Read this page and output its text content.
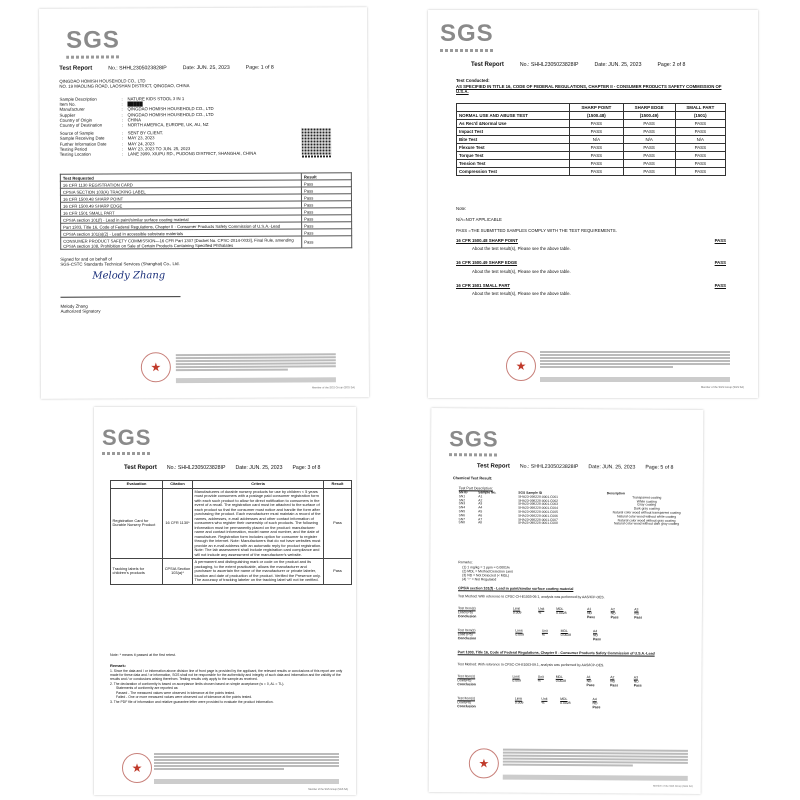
SGS
Test Report	No.: SHHL2305023828IP	Date: JUN. 25, 2023	Page: 1 of 8
QINGDAO HOMISH HOUSEHOLD CO., LTD
NO. 19 MAOLING ROAD, LAOSHAN DISTRICT, QINGDAO, CHINA
Sample Description	:	NATURE KIDS STOOL 3 IN 1
Item No.	:	█████
Manufacturer	:	QINGDAO HOMISH HOUSEHOLD CO., LTD
Supplier	:	QINGDAO HOMISH HOUSEHOLD CO., LTD
Country of Origin	:	CHINA
Country of Destination	:	NORTH AMERICA, EUROPE, UK, AU, NZ
Source of Sample	:	SENT BY CLIENT.
Sample Receiving Date	:	MAY 23, 2023
Further Information Date	:	MAY 24, 2023
Testing Period	:	MAY 23, 2023 TO JUN. 25, 2023
Testing Location	:	LANE 3999, XIUPU RD., PUDONG DISTRICT, SHANGHAI, CHINA
Test Requested	Result
16 CFR 1130 REGISTRATION CARD	Pass
CPSIA SECTION 103(A) TRACKING LABEL	Pass
16 CFR 1500.48 SHARP POINT	Pass
16 CFR 1500.49 SHARP EDGE	Pass
16 CFR 1501 SMALL PART	Pass
CPSIA section 101(f) - Lead in paint/similar surface coating material	Pass
Part 1303, Title 16, Code of Federal Regulations, Chapter II - Consumer Products Safety Commission of U.S.A.-Lead	Pass
CPSIA section 101(a)(2) - Lead in accessible substrate materials	Pass
CONSUMER PRODUCT SAFETY COMMISSION—16 CFR Part 1307 [Docket No. CPSC-2014-0033], Final Rule, amending CPSIA section 108, Prohibition on Sale of Certain Products Containing Specified Phthalates	Pass
Signed for and on behalf of
SGS-CSTC Standards Technical Services (Shanghai) Co., Ltd.
Melody Zhang
Melody Zhang
Authorized Signatory
★
Member of the SGS Group (SGS SA)
SGS
Test Report	No.: SHHL2305023828IP	Date: JUN. 25, 2023	Page: 2 of 8
Test Conducted:
AS SPECIFIED IN TITLE 16, CODE OF FEDERAL REGULATIONS, CHAPTER II - CONSUMER PRODUCTS SAFETY COMMISSION OF U.S.A.
	SHARP POINT	SHARP EDGE	SMALL PART
NORMAL USE AND ABUSE TEST	(1500.48)	(1500.49)	(1501)
As Rec'd &Normal Use	PASS	PASS	PASS
Impact Test	PASS	PASS	PASS
Bite Test	N/A	N/A	N/A
Flexure Test	PASS	PASS	PASS
Torque Test	PASS	PASS	PASS
Tension Test	PASS	PASS	PASS
Compression Test	PASS	PASS	PASS
Note:
N/A=NOT APPLICABLE
PASS =THE SUBMITTED SAMPLES COMPLY WITH THE TEST REQUIREMENTS.
16 CFR 1500.48 SHARP POINT	PASS
About the test result(s), Please see the above table.
16 CFR 1500.49 SHARP EDGE	PASS
About the test result(s), Please see the above table.
16 CFR 1501 SMALL PART	PASS
About the test result(s), Please see the above table.
★
Member of the SGS Group (SGS SA)
SGS
Test Report No.: SHHL2305023828IP Date: JUN. 25, 2023 Page: 3 of 8
Evaluation	Citation	Criteria	Result
Registration Card for Durable Nursery Product	16 CFR 1130*	Manufacturers of durable nursery products for use by children < 5 years must provide consumers with a postage paid consumer registration form with each such product to allow for direct notification to consumers in the event of a recall. The registration card must be attached to the surface of each product so that the consumer must notice and handle the form after purchasing the product. Each manufacturer must maintain a record of the names, addresses, e-mail addresses and other contact information of consumers who register their ownership of such products. The following information must be permanently placed on the product: manufacturer name and contact information, model name and number, and the date of manufacture. Registration form includes option for consumer to register through the internet. Note: Manufacturers that do not have websites must provide an e-mail address with an automatic reply for product registration. Note: The lab assessment shall include registration card compliance and will not include any assessment of the manufacturer's website.	Pass
Tracking labels for children's products	CPSIA Section 103(a)*	A permanent and distinguishing mark or code on the product and its packaging, to the extent practicable, allows the manufacturer and purchaser to ascertain the name of the manufacturer or private labeler, location and date of production of the product. Verified the Presence only. The accuracy of tracking labeler on the tracking label will not be verified.	Pass
Note: * means it passed at the first retest.
Remark:
1. Since the data and / or information above division line of front page is provided by the applicant, the relevant results or conclusions of this report are only made for these data and / or information, SGS shall not be responsible for the authenticity and integrity of such data and information and the validity of the results and / or conclusions arising therefrom. Testing results only apply to the sample as received.
2. The declaration of conformity is based on acceptance limits chosen based on simple acceptance (w = 0, AL = TL).
Statements of conformity are reported as:
Passed - The measured values were observed in tolerance at the points tested.
Failed - One or more measured values were observed out of tolerance at the points tested.
3. The PDF file of information and relative guarantee letter were provided to evaluate the product information.
★
Member of the SGS Group (SGS SA)
SGS
Test Report No.: SHHL2305023828IP Date: JUN. 25, 2023 Page: 5 of 8
Chemical Test Result:
Test Part Description:
SN ID	Sample No.	SGS Sample ID	Description
SN1	A1	SHA23-098228-0001.C001	Transparent coating
SN2	A2	SHA23-098228-0001.C002	White coating
SN3	A3	SHA23-098228-0001.C003	Gray coating
SN4	A4	SHA23-098228-0001.C004	Dark gray coating
SN5	A5	SHA23-098228-0001.C005	Natural color wood without transparent coating
SN6	A6	SHA23-098228-0001.C006	Natural color wood without white coating
SN7	A7	SHA23-098228-0001.C007	Natural color wood without gray coating
SN8	A8	SHA23-098228-0001.C008	Natural color wood without dark gray coating
Remarks:
(1) 1 mg/kg = 1 ppm = 0.0001%
(2) MDL = Method Detection Limit
(3) ND = Not Detected (< MDL)
(4) "-" = Not Regulated
CPSIA section 101(f) - Lead in paint/similar surface coating material
Test Method: With reference to CPSC-CH-E1003-09.1, analysis was performed by AAS/ICP-OES.
Test Item(s)	Limit	Unit	MDL	A1	A2	A3
Lead (Pb)	0.009	%	0.0028	ND	ND	ND
Conclusion				Pass	Pass	Pass
Test Item(s)	Limit	Unit	MDL	A4
Lead (Pb)	0.009	%	0.0028	ND
Conclusion				Pass
Part 1303, Title 16, Code of Federal Regulations, Chapter II - Consumer Products Safety Commission of U.S.A.-Lead
Test Method: With reference to CPSC-CH-E1003-09.1, analysis was performed by AAS/ICP-OES.
Test Item(s)	Limit	Unit	MDL	A1	A2	A3
Lead(Pb)	0.009	%	0.0028	ND	ND	ND
Conclusion				Pass	Pass	Pass
Test Item(s)	Limit	Unit	MDL	A4
Lead(Pb)	0.009	%	0.0028	ND
Conclusion				Pass
★
Member of the SGS Group (SGS SA)
